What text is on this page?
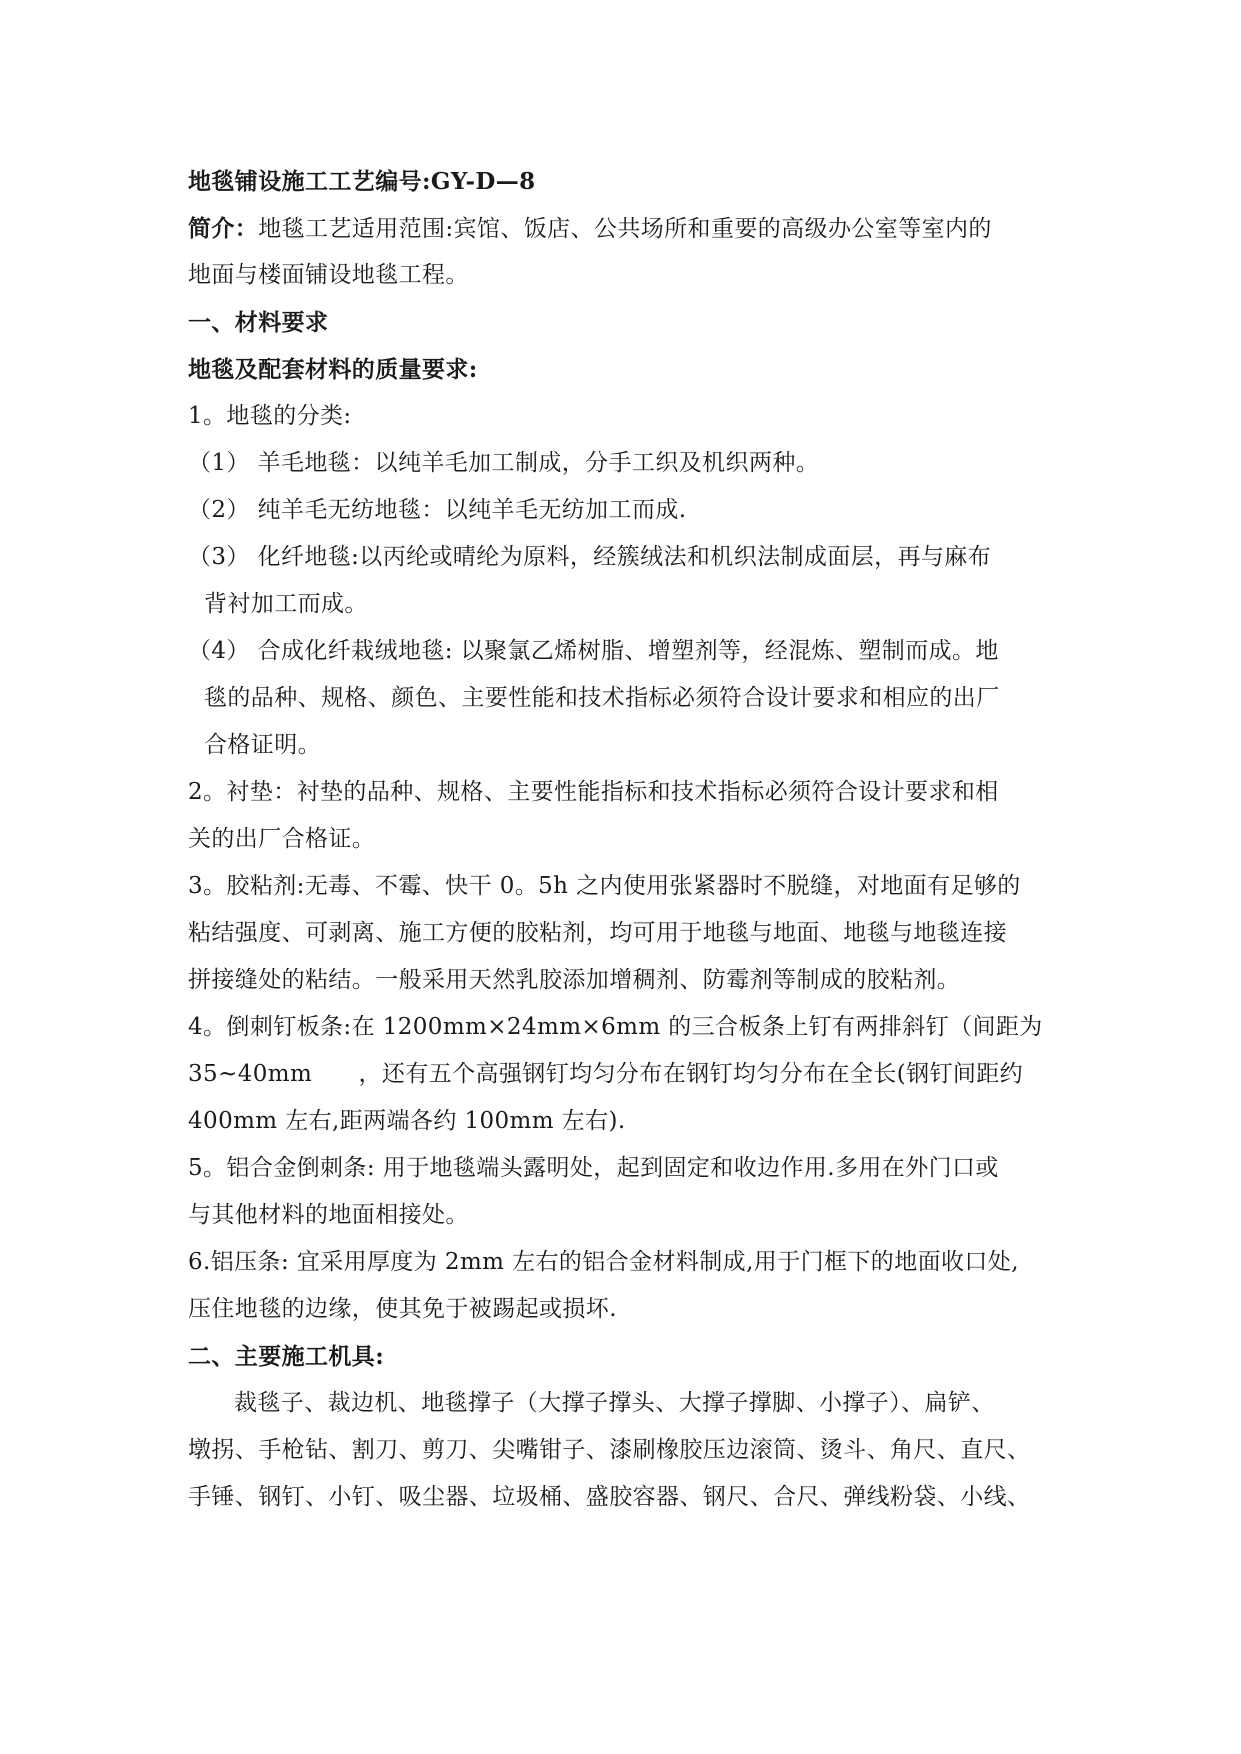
地毯铺设施工工艺编号:GY-D—8
简介：地毯工艺适用范围:宾馆、饭店、公共场所和重要的高级办公室等室内的
地面与楼面铺设地毯工程。
一、材料要求
地毯及配套材料的质量要求:
1。地毯的分类:
（1） 羊毛地毯：以纯羊毛加工制成，分手工织及机织两种。
（2） 纯羊毛无纺地毯：以纯羊毛无纺加工而成.
（3） 化纤地毯:以丙纶或晴纶为原料，经簇绒法和机织法制成面层，再与麻布
背衬加工而成。
（4） 合成化纤栽绒地毯: 以聚氯乙烯树脂、增塑剂等，经混炼、塑制而成。地
毯的品种、规格、颜色、主要性能和技术指标必须符合设计要求和相应的出厂
合格证明。
2。衬垫：衬垫的品种、规格、主要性能指标和技术指标必须符合设计要求和相
关的出厂合格证。
3。胶粘剂:无毒、不霉、快干 0。5h 之内使用张紧器时不脱缝，对地面有足够的
粘结强度、可剥离、施工方便的胶粘剂，均可用于地毯与地面、地毯与地毯连接
拼接缝处的粘结。一般采用天然乳胶添加增稠剂、防霉剂等制成的胶粘剂。
4。倒刺钉板条:在 1200mm×24mm×6mm 的三合板条上钉有两排斜钉（间距为
35~40mm      ，还有五个高强钢钉均匀分布在钢钉均匀分布在全长(钢钉间距约
400mm 左右,距两端各约 100mm 左右).
5。铝合金倒刺条: 用于地毯端头露明处，起到固定和收边作用.多用在外门口或
与其他材料的地面相接处。
6.铝压条: 宜采用厚度为 2mm 左右的铝合金材料制成,用于门框下的地面收口处,
压住地毯的边缘，使其免于被踢起或损坏.
二、主要施工机具:
裁毯子、裁边机、地毯撑子（大撑子撑头、大撑子撑脚、小撑子）、扁铲、
墩拐、手枪钻、割刀、剪刀、尖嘴钳子、漆刷橡胶压边滚筒、烫斗、角尺、直尺、
手锤、钢钉、小钉、吸尘器、垃圾桶、盛胶容器、钢尺、合尺、弹线粉袋、小线、
